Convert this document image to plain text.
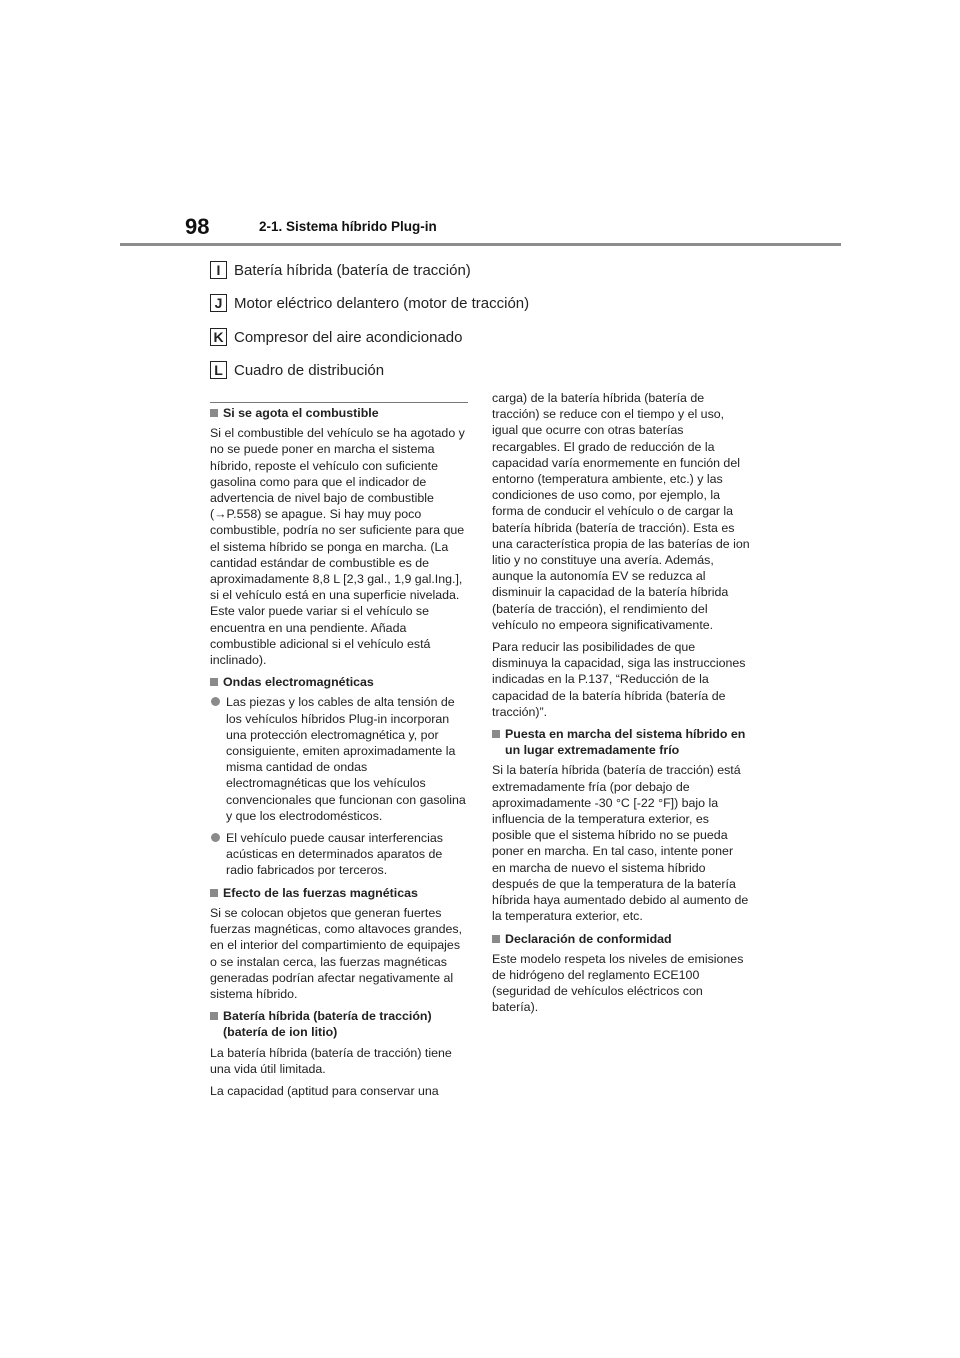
98	2-1. Sistema híbrido Plug-in
I Batería híbrida (batería de tracción)
J Motor eléctrico delantero (motor de tracción)
K Compresor del aire acondicionado
L Cuadro de distribución
Si se agota el combustible

Si el combustible del vehículo se ha agotado y no se puede poner en marcha el sistema híbrido, reposte el vehículo con suficiente gasolina como para que el indicador de advertencia de nivel bajo de combustible (→P.558) se apague. Si hay muy poco combustible, podría no ser suficiente para que el sistema híbrido se ponga en marcha. (La cantidad estándar de combustible es de aproximadamente 8,8 L [2,3 gal., 1,9 gal.Ing.], si el vehículo está en una superficie nivelada. Este valor puede variar si el vehículo se encuentra en una pendiente. Añada combustible adicional si el vehículo está inclinado).

Ondas electromagnéticas
Las piezas y los cables de alta tensión de los vehículos híbridos Plug-in incorporan una protección electromagnética y, por consiguiente, emiten aproximadamente la misma cantidad de ondas electromagnéticas que los vehículos convencionales que funcionan con gasolina y que los electrodomésticos.
El vehículo puede causar interferencias acústicas en determinados aparatos de radio fabricados por terceros.
Efecto de las fuerzas magnéticas

Si se colocan objetos que generan fuertes fuerzas magnéticas, como altavoces grandes, en el interior del compartimiento de equipajes o se instalan cerca, las fuerzas magnéticas generadas podrían afectar negativamente al sistema híbrido.

Batería híbrida (batería de tracción) (batería de ion litio)

La batería híbrida (batería de tracción) tiene una vida útil limitada.

La capacidad (aptitud para conservar una

carga) de la batería híbrida (batería de tracción) se reduce con el tiempo y el uso, igual que ocurre con otras baterías recargables. El grado de reducción de la capacidad varía enormemente en función del entorno (temperatura ambiente, etc.) y las condiciones de uso como, por ejemplo, la forma de conducir el vehículo o de cargar la batería híbrida (batería de tracción). Esta es una característica propia de las baterías de ion litio y no constituye una avería. Además, aunque la autonomía EV se reduzca al disminuir la capacidad de la batería híbrida (batería de tracción), el rendimiento del vehículo no empeora significativamente.

Para reducir las posibilidades de que disminuya la capacidad, siga las instrucciones indicadas en la P.137, “Reducción de la capacidad de la batería híbrida (batería de tracción)”.

Puesta en marcha del sistema híbrido en un lugar extremadamente frío

Si la batería híbrida (batería de tracción) está extremadamente fría (por debajo de aproximadamente -30 °C [-22 °F]) bajo la influencia de la temperatura exterior, es posible que el sistema híbrido no se pueda poner en marcha. En tal caso, intente poner en marcha de nuevo el sistema híbrido después de que la temperatura de la batería híbrida haya aumentado debido al aumento de la temperatura exterior, etc.

Declaración de conformidad

Este modelo respeta los niveles de emisiones de hidrógeno del reglamento ECE100 (seguridad de vehículos eléctricos con batería).
